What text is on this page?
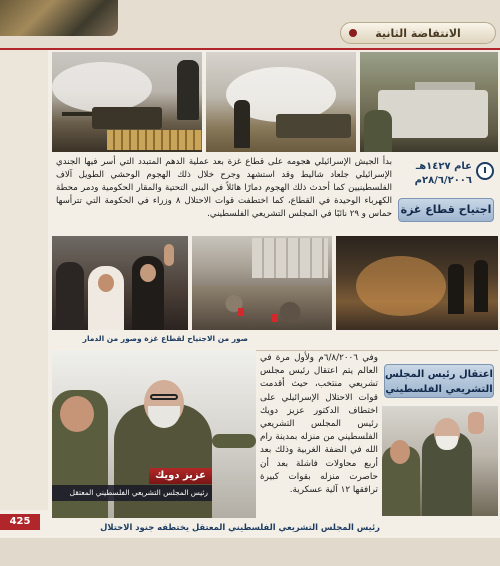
الانتفاضة الثانية
عام ١٤٢٧هـ
٢٨/٦/٢٠٠٦م
اجتياح قطاع غزة

بدأ الجيش الإسرائيلي هجومه على قطاع غزة بعد عملية الدهم المتبدد التي أسر فيها الجندي الإسرائيلي جلعاد شاليط وقد استشهد وجرح خلال ذلك الهجوم الوحشي الطويل آلاف الفلسطينيين كما أحدث ذلك الهجوم دمارًا هائلاً في البنى التحتية والمقار الحكومية ودمر محطة الكهرباء الوحيدة في القطاع، كما اختطفت قوات الاحتلال ٨ وزراء في الحكومة التي تترأسها حماس و ٢٩ نائبًا في المجلس التشريعي الفلسطيني.

صور من الاجتياح لقطاع غزة وصور من الدمار
عزيز دويك
رئيس المجلس التشريعي الفلسطيني المعتقل

وفي ٦/٨/٢٠٠٦م ولأول مرة في العالم يتم اعتقال رئيس مجلس تشريعي منتخب، حيث أقدمت قوات الاحتلال الإسرائيلي على اختطاف الدكتور عزيز دويك رئيس المجلس التشريعي الفلسطيني من منزله بمدينة رام الله في الضفة الغربية وذلك بعد أربع محاولات فاشلة بعد أن حاصرت منزله بقوات كبيرة ترافقها ١٢ آلية عسكرية.

اعتقال رئيس المجلس التشريعي الفلسطيني
رئيس المجلس التشريعي الفلسطيني المعتقل يختطفه جنود الاحتلال
425
